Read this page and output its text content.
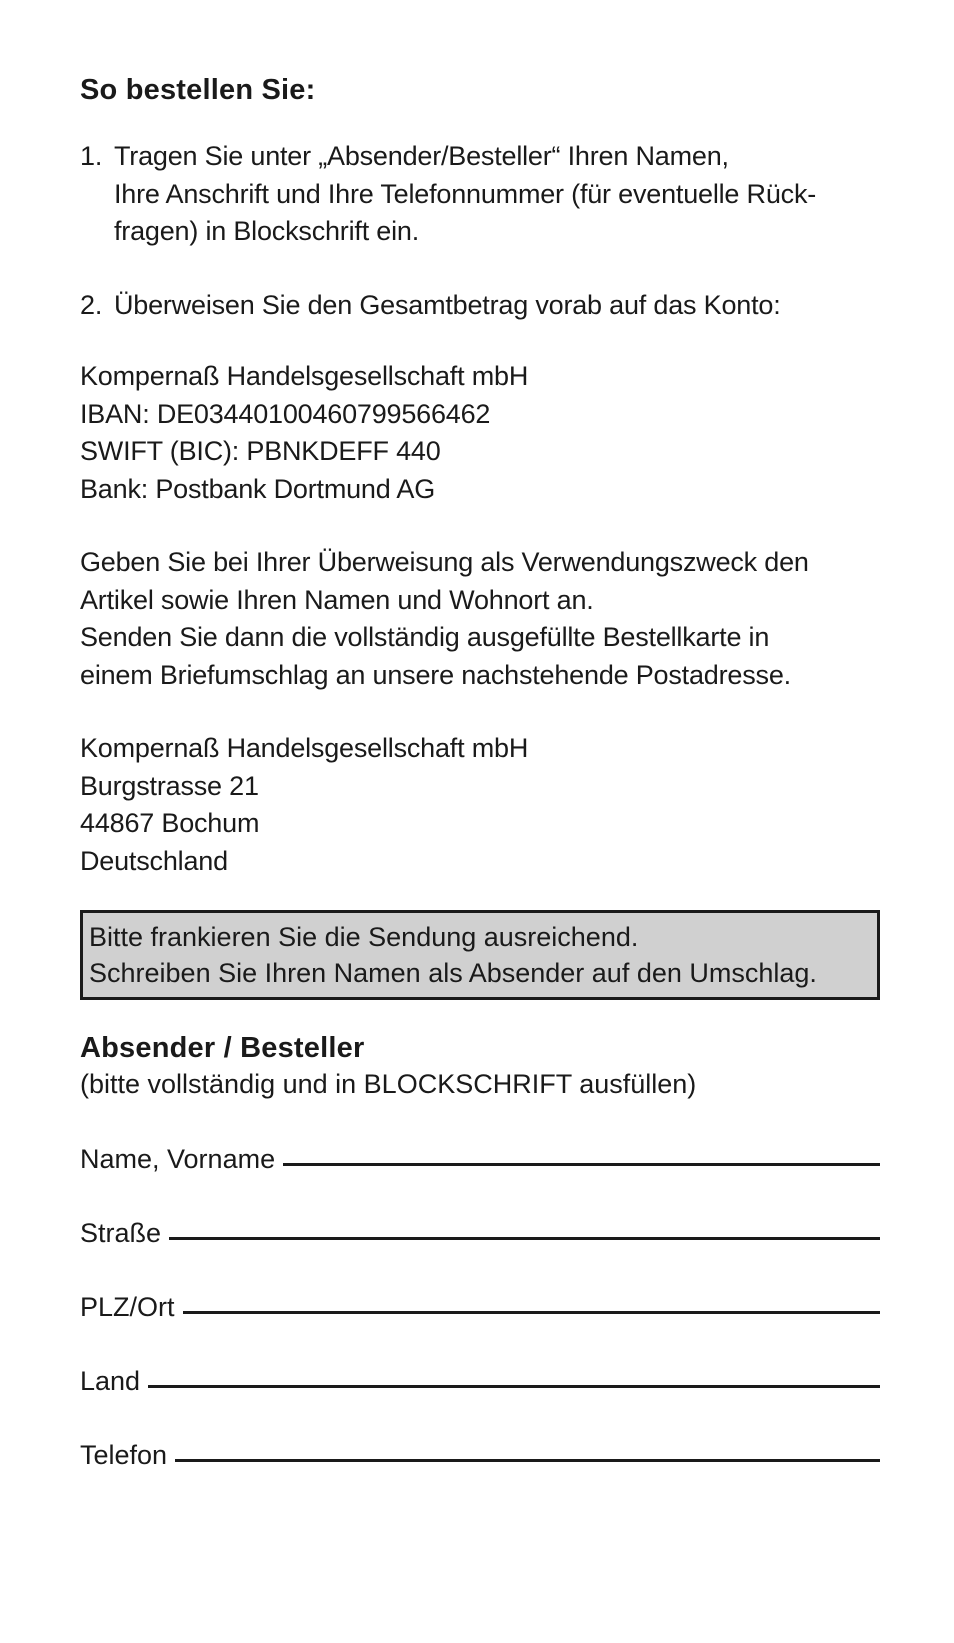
So bestellen Sie:
1. Tragen Sie unter „Absender/Besteller“ Ihren Namen,
Ihre Anschrift und Ihre Telefonnummer (für eventuelle Rück-
fragen) in Blockschrift ein.
2. Überweisen Sie den Gesamtbetrag vorab auf das Konto:
Kompernaß Handelsgesellschaft mbH
IBAN: DE03440100460799566462
SWIFT (BIC): PBNKDEFF 440
Bank: Postbank Dortmund AG
Geben Sie bei Ihrer Überweisung als Verwendungszweck den
Artikel sowie Ihren Namen und Wohnort an.
Senden Sie dann die vollständig ausgefüllte Bestellkarte in
einem Briefumschlag an unsere nachstehende Postadresse.
Kompernaß Handelsgesellschaft mbH
Burgstrasse 21
44867 Bochum
Deutschland
Bitte frankieren Sie die Sendung ausreichend.
Schreiben Sie Ihren Namen als Absender auf den Umschlag.
Absender / Besteller
(bitte vollständig und in BLOCKSCHRIFT ausfüllen)
Name, Vorname
Straße
PLZ/Ort
Land
Telefon
